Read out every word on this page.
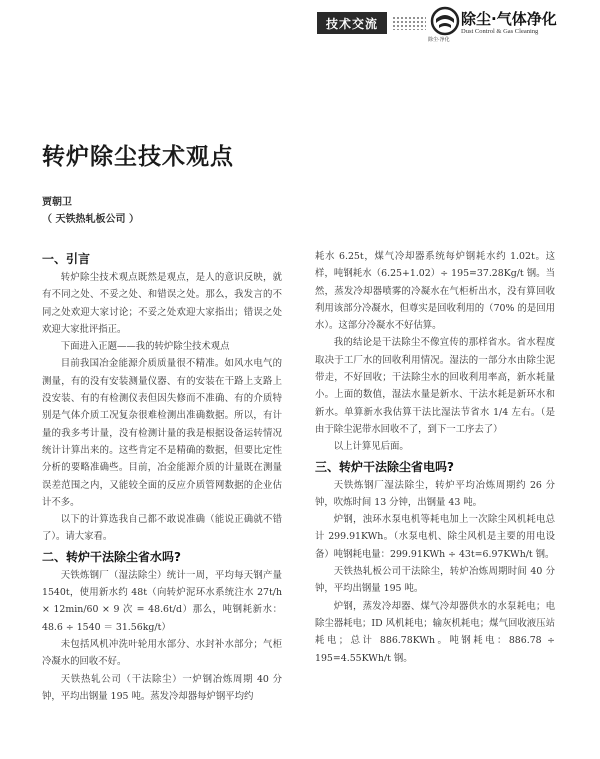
技术交流
除尘·净化
除尘·气体净化
Dust Control & Gas Cleaning
转炉除尘技术观点
贾朝卫
（ 天铁热轧板公司 ）
一、引言

转炉除尘技术观点既然是观点，是人的意识反映，就有不同之处、不妥之处、和错误之处。那么，我发言的不同之处欢迎大家讨论；不妥之处欢迎大家指出；错误之处欢迎大家批评指正。

下面进入正题——我的转炉除尘技术观点

目前我国冶金能源介质质量很不精准。如风水电气的测量，有的没有安装测量仪器、有的安装在干路上支路上没安装、有的有检测仪表但因失修而不准确、有的介质特别是气体介质工况复杂很难检测出准确数据。所以，有计量的我多考计量，没有检测计量的我是根据设备运转情况统计计算出来的。这些肯定不是精确的数据，但要比定性分析的要略准确些。目前，冶金能源介质的计量既在测量误差范围之内，又能较全面的反应介质管网数据的企业估计不多。

以下的计算选我自己都不敢说准确（能说正确就不错了）。请大家看。

二、转炉干法除尘省水吗?

天铁炼钢厂（湿法除尘）统计一周，平均每天钢产量 1540t，使用新水约 48t（向转炉泥环水系统注水 27t/h × 12min/60 × 9 次 = 48.6t/d）那么，吨钢耗新水：48.6 ÷ 1540 ＝ 31.56kg/t）

未包括风机冲洗叶轮用水部分、水封补水部分；气柜冷凝水的回收不好。

天铁热轧公司（干法除尘）一炉钢冶炼周期 40 分钟，平均出钢量 195 吨。蒸发冷却器每炉钢平均约

耗水 6.25t，煤气冷却器系统每炉钢耗水约 1.02t。这样，吨钢耗水（6.25+1.02）÷ 195=37.28Kg/t 钢。当然，蒸发冷却器喷雾的冷凝水在气柜析出水，没有算回收利用该部分冷凝水，但尊实是回收利用的（70% 的是回用水）。这部分冷凝水不好估算。

我的结论是干法除尘不像宣传的那样省水。省水程度取决于工厂水的回收利用情况。湿法的一部分水由除尘泥带走，不好回收；干法除尘水的回收利用率高，新水耗量小。上面的数值，湿法水量是新水、干法水耗是新环水和新水。单算新水我估算干法比湿法节省水 1/4 左右。（是由于除尘泥带水回收不了，到下一工序去了）

以上计算见后面。

三、转炉干法除尘省电吗?

天铁炼钢厂湿法除尘，转炉平均冶炼周期约 26 分钟，吹炼时间 13 分钟，出钢量 43 吨。

炉钢，浊环水泵电机等耗电加上一次除尘风机耗电总计 299.91KWh。（水泵电机、除尘风机是主要的用电设备）吨钢耗电量：299.91KWh ÷ 43t=6.97KWh/t 钢。

天铁热轧板公司干法除尘，转炉冶炼周期时间 40 分钟，平均出钢量 195 吨。

炉钢，蒸发冷却器、煤气冷却器供水的水泵耗电；电除尘器耗电；ID 风机耗电；输灰机耗电；煤气回收液压站耗电；总计 886.78KWh。吨钢耗电：886.78 ÷ 195=4.55KWh/t 钢。
